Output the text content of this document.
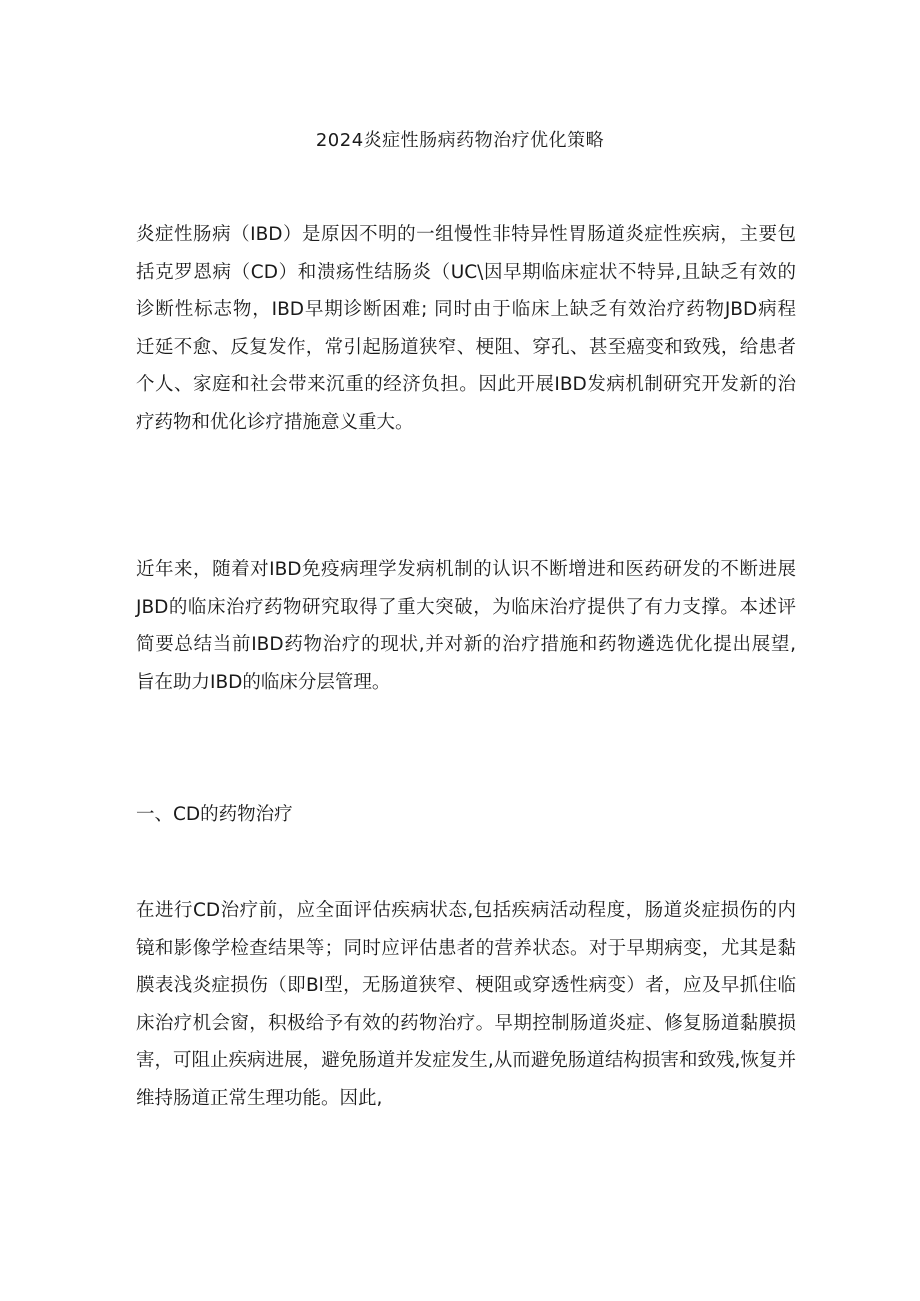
2024炎症性肠病药物治疗优化策略
炎症性肠病（IBD）是原因不明的一组慢性非特异性胃肠道炎症性疾病，主要包
括克罗恩病（CD）和溃疡性结肠炎（UC\因早期临床症状不特异,且缺乏有效的
诊断性标志物，IBD早期诊断困难; 同时由于临床上缺乏有效治疗药物JBD病程
迁延不愈、反复发作，常引起肠道狭窄、梗阻、穿孔、甚至癌变和致残，给患者
个人、家庭和社会带来沉重的经济负担。因此开展IBD发病机制研究开发新的治
疗药物和优化诊疗措施意义重大。
近年来，随着对IBD免疫病理学发病机制的认识不断增进和医药研发的不断进展
JBD的临床治疗药物研究取得了重大突破，为临床治疗提供了有力支撑。本述评
简要总结当前IBD药物治疗的现状,并对新的治疗措施和药物遴选优化提出展望,
旨在助力IBD的临床分层管理。

一、CD的药物治疗

在进行CD治疗前，应全面评估疾病状态,包括疾病活动程度，肠道炎症损伤的内
镜和影像学检查结果等；同时应评估患者的营养状态。对于早期病变，尤其是黏
膜表浅炎症损伤（即Bl型，无肠道狭窄、梗阻或穿透性病变）者，应及早抓住临
床治疗机会窗，积极给予有效的药物治疗。早期控制肠道炎症、修复肠道黏膜损
害，可阻止疾病进展，避免肠道并发症发生,从而避免肠道结构损害和致残,恢复并
维持肠道正常生理功能。因此,
